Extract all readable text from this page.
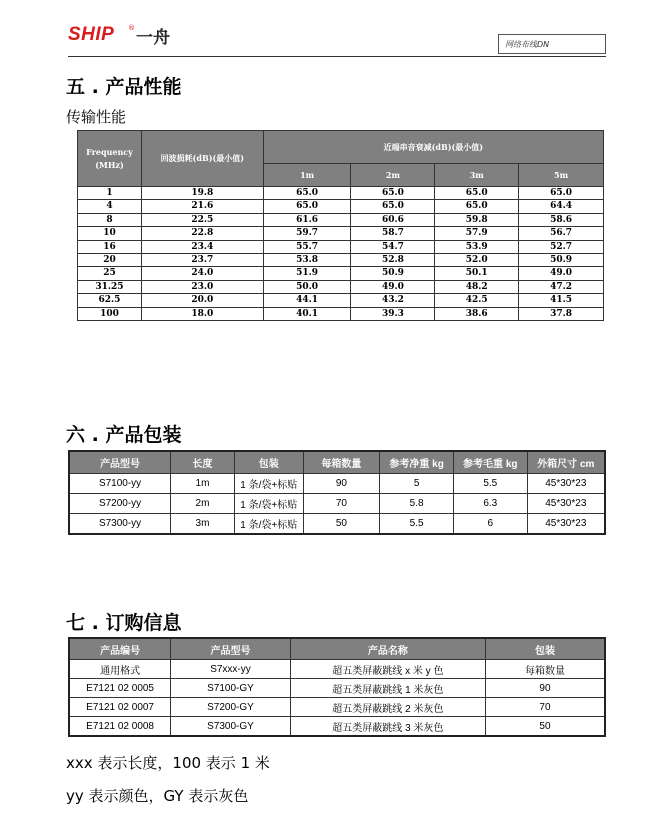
SHIP ® 一舟	网络布线DN
五 . 产品性能
传输性能
Frequency
(MHz)	回波损耗(dB)(最小值)	近端串音衰减(dB)(最小值)			
		1m	2m	3m	5m
1	19.8	65.0	65.0	65.0	65.0
4	21.6	65.0	65.0	65.0	64.4
8	22.5	61.6	60.6	59.8	58.6
10	22.8	59.7	58.7	57.9	56.7
16	23.4	55.7	54.7	53.9	52.7
20	23.7	53.8	52.8	52.0	50.9
25	24.0	51.9	50.9	50.1	49.0
31.25	23.0	50.0	49.0	48.2	47.2
62.5	20.0	44.1	43.2	42.5	41.5
100	18.0	40.1	39.3	38.6	37.8
六 . 产品包装
产品型号	长度	包装	每箱数量	参考净重 kg	参考毛重 kg	外箱尺寸 cm
S7100-yy	1m	1 条/袋+标贴	90	5	5.5	45*30*23
S7200-yy	2m	1 条/袋+标贴	70	5.8	6.3	45*30*23
S7300-yy	3m	1 条/袋+标贴	50	5.5	6	45*30*23
七 . 订购信息
产品编号	产品型号	产品名称	包装
通用格式	S7xxx-yy	超五类屏蔽跳线 x 米 y 色	每箱数量
E7121 02 0005	S7100-GY	超五类屏蔽跳线 1 米灰色	90
E7121 02 0007	S7200-GY	超五类屏蔽跳线 2 米灰色	70
E7121 02 0008	S7300-GY	超五类屏蔽跳线 3 米灰色	50
xxx 表示长度，100 表示 1 米
yy 表示颜色，GY 表示灰色
